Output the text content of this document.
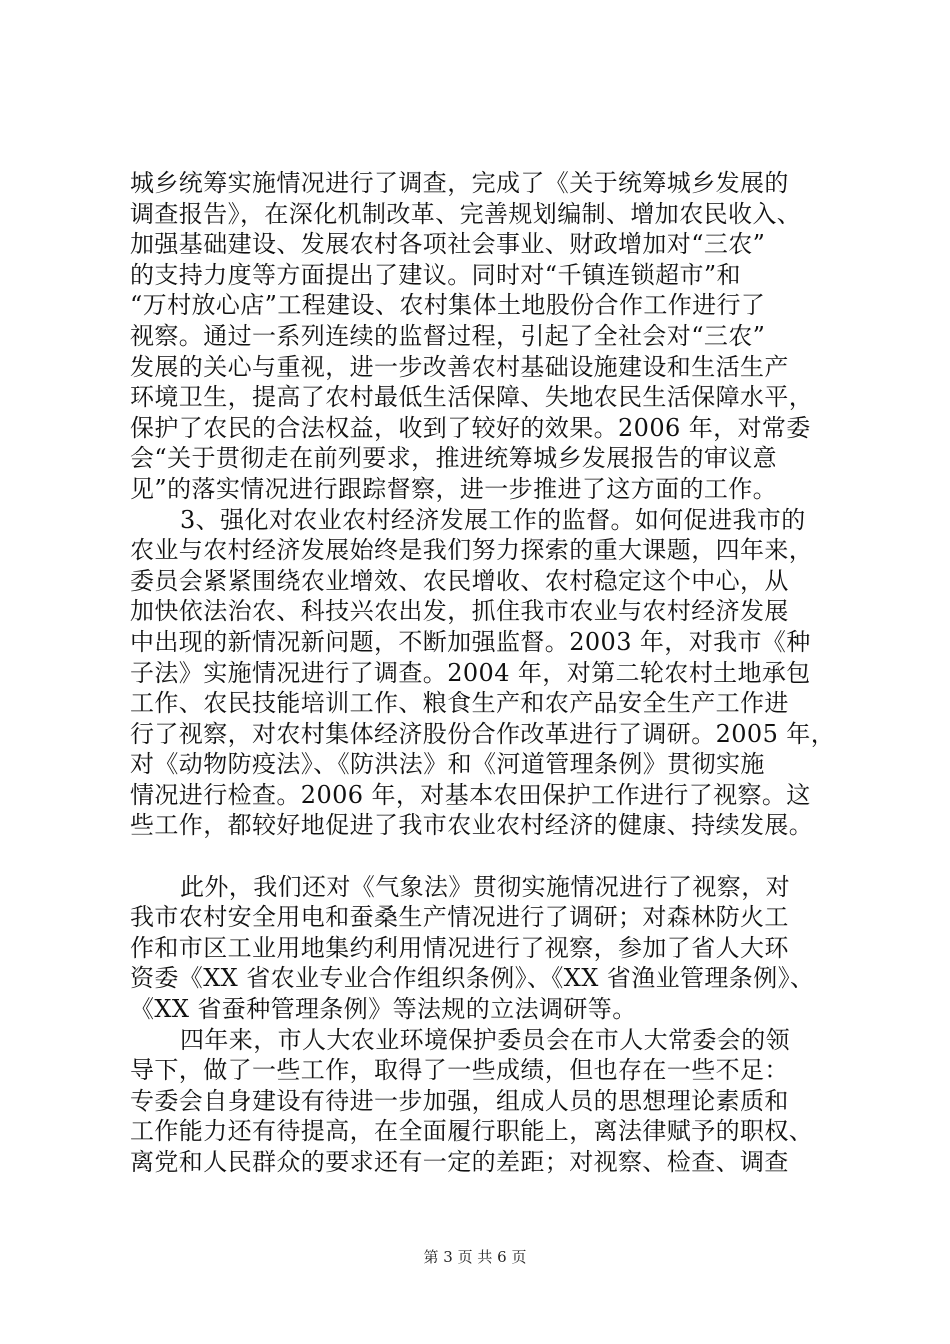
城乡统筹实施情况进行了调查，完成了《关于统筹城乡发展的
调查报告》，在深化机制改革、完善规划编制、增加农民收入、
加强基础建设、发展农村各项社会事业、财政增加对“三农”
的支持力度等方面提出了建议。同时对“千镇连锁超市”和
“万村放心店”工程建设、农村集体土地股份合作工作进行了
视察。通过一系列连续的监督过程，引起了全社会对“三农”
发展的关心与重视，进一步改善农村基础设施建设和生活生产
环境卫生，提高了农村最低生活保障、失地农民生活保障水平，
保护了农民的合法权益，收到了较好的效果。2006 年，对常委
会“关于贯彻走在前列要求，推进统筹城乡发展报告的审议意
见”的落实情况进行跟踪督察，进一步推进了这方面的工作。
3、强化对农业农村经济发展工作的监督。如何促进我市的
农业与农村经济发展始终是我们努力探索的重大课题，四年来，
委员会紧紧围绕农业增效、农民增收、农村稳定这个中心，从
加快依法治农、科技兴农出发，抓住我市农业与农村经济发展
中出现的新情况新问题，不断加强监督。2003 年，对我市《种
子法》实施情况进行了调查。2004 年，对第二轮农村土地承包
工作、农民技能培训工作、粮食生产和农产品安全生产工作进
行了视察，对农村集体经济股份合作改革进行了调研。2005 年，
对《动物防疫法》、《防洪法》和《河道管理条例》贯彻实施
情况进行检查。2006 年，对基本农田保护工作进行了视察。这
些工作，都较好地促进了我市农业农村经济的健康、持续发展。
此外，我们还对《气象法》贯彻实施情况进行了视察，对
我市农村安全用电和蚕桑生产情况进行了调研；对森林防火工
作和市区工业用地集约利用情况进行了视察，参加了省人大环
资委《XX 省农业专业合作组织条例》、《XX 省渔业管理条例》、
《XX 省蚕种管理条例》等法规的立法调研等。
四年来，市人大农业环境保护委员会在市人大常委会的领
导下，做了一些工作，取得了一些成绩，但也存在一些不足：
专委会自身建设有待进一步加强，组成人员的思想理论素质和
工作能力还有待提高，在全面履行职能上，离法律赋予的职权、
离党和人民群众的要求还有一定的差距；对视察、检查、调查
第 3 页 共 6 页
